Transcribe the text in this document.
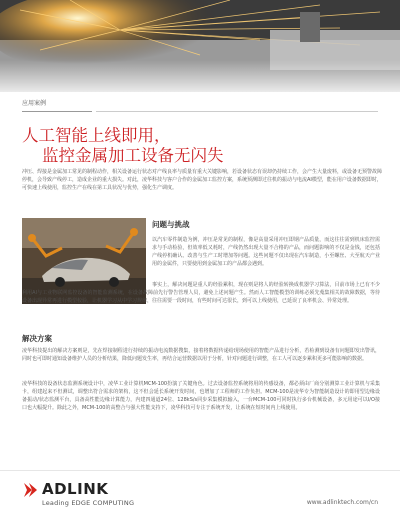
应用案例
人工智能上线即用，
监控金属加工设备无闪失

冲压、焊接是金属加工常见的制程动作，相关设备运行状态对产线良率与质量有重大关键影响，若设备状态有误却仍持续工作，会产生大量废料，或设备无预警故障停机，会导致产线停工，造成企业的重大损失。对此，凌华科技与客户合作的金属加工监控方案，系统预测即过往机的振动与电流AI模型，能在用户设备数据即时，可快速上线使用，监控生产在线在第工具状况与优势，强化生产调度。

问题与挑战

以汽车零件制造为例，冲压是常见的制程，像是高量采用冲压即钢产品质量，而这往往需到机床监控需求与手动检验，但效率低又耗时，产线仍然出现大量不合格的产品，而问题影响的不仅是金钱，还包括产线停机确认、改善与生产工时增加等问题。这些问题不仅出现在汽车制造，小至螺丝、大至航天产业用的金属件，只要使用到金属加工的产品都会遇到。

事实上，解决问题是重人的经验累积，现在则是将人的经验转换成机器学习算法，目前市场上已有不少利用AI与工业物联网监控设备的智能监测系统，在设备故障前先行警告管理人员，避免上述问题产生。然而人工智能模型的训练必须先蒐集相关的故障数据，等待设备出现异常再进行模型校验，让机器学习从中学习规律，往往需要一段时间，有些时间可达很长，到可以上线使用，已延误了良率机会、异常处理。

解决方案

凌华科技提出的解决方案则是，先在焊接制程进行持续的振动电流数据搜集，接着将数据传递给现场使用的智能产品进行分析，若检测到设备有问题即发出警讯，同时也可即时通知设备维护人员的分析结果，降低问题发生率，再结合运营数据以用于分析，针对问题进行调整，在工人可以逐步累积更多可能影响的数据。

凌华科技的设备状态监测系统设计中，凌华工业计算机MCM-100扮演了关键角色。过去设备监控系统将用的传感设备，都必须由厂商分别测算工业计算机与采集卡，组建起来不但测试，调整出符合需求的架构，这不但会延长系统开发时间，也增加了工程师的工作负担。MCM-100是凌华专为智能制造设计的即用型边缘设备振动/状态监测平台，具备高性能边缘计算能力，内建四通道24位、128kS/s同步采集模拟输入，一台MCM-100可同时执行多台机械设备，多元用途可以I/O接口也大幅提升。除此之外，MCM-100的高整合与强大性能支持下，凌华科技可专注于系统开发，让系统在短时间内上线使用。

ADLINK
Leading EDGE COMPUTING	www.adlinktech.com/cn
